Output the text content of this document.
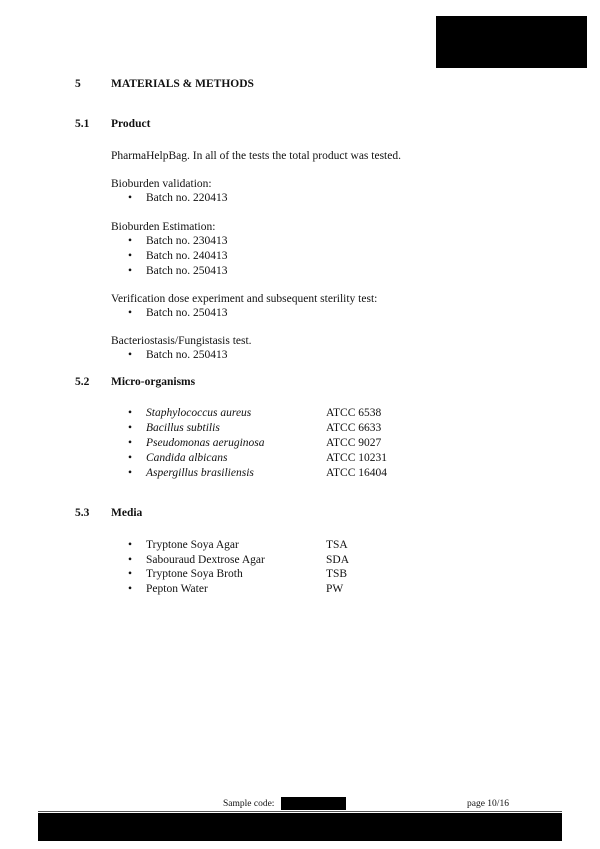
5	MATERIALS & METHODS
5.1 Product
PharmaHelpBag. In all of the tests the total product was tested.
Bioburden validation:
• Batch no. 220413
Bioburden Estimation:
• Batch no. 230413
• Batch no. 240413
• Batch no. 250413
Verification dose experiment and subsequent sterility test:
• Batch no. 250413
Bacteriostasis/Fungistasis test.
• Batch no. 250413
5.2 Micro-organisms
• Staphylococcus aureus	ATCC 6538
• Bacillus subtilis	ATCC 6633
• Pseudomonas aeruginosa	ATCC 9027
• Candida albicans	ATCC 10231
• Aspergillus brasiliensis	ATCC 16404
5.3 Media
• Tryptone Soya Agar	TSA
• Sabouraud Dextrose Agar	SDA
• Tryptone Soya Broth	TSB
• Pepton Water	PW
Sample code:	page 10/16
